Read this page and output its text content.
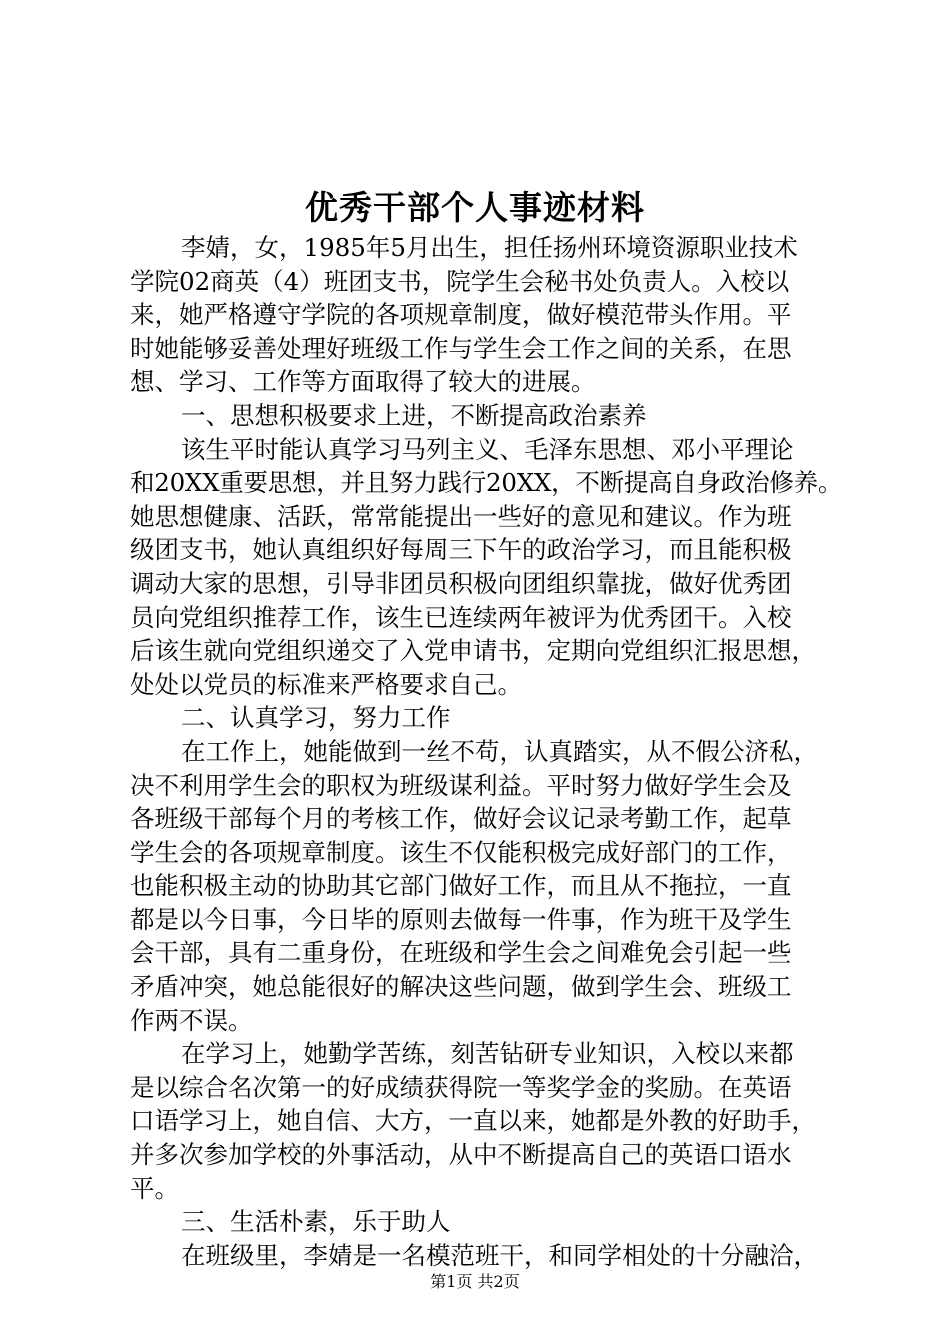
优秀干部个人事迹材料
李婧，女，1985年5月出生，担任扬州环境资源职业技术
学院02商英（4）班团支书，院学生会秘书处负责人。入校以
来，她严格遵守学院的各项规章制度，做好模范带头作用。平
时她能够妥善处理好班级工作与学生会工作之间的关系，在思
想、学习、工作等方面取得了较大的进展。
一、思想积极要求上进，不断提高政治素养
该生平时能认真学习马列主义、毛泽东思想、邓小平理论
和20XX重要思想，并且努力践行20XX，不断提高自身政治修养。
她思想健康、活跃，常常能提出一些好的意见和建议。作为班
级团支书，她认真组织好每周三下午的政治学习，而且能积极
调动大家的思想，引导非团员积极向团组织靠拢，做好优秀团
员向党组织推荐工作，该生已连续两年被评为优秀团干。入校
后该生就向党组织递交了入党申请书，定期向党组织汇报思想，
处处以党员的标准来严格要求自己。
二、认真学习，努力工作
在工作上，她能做到一丝不苟，认真踏实，从不假公济私，
决不利用学生会的职权为班级谋利益。平时努力做好学生会及
各班级干部每个月的考核工作，做好会议记录考勤工作，起草
学生会的各项规章制度。该生不仅能积极完成好部门的工作，
也能积极主动的协助其它部门做好工作，而且从不拖拉，一直
都是以今日事，今日毕的原则去做每一件事，作为班干及学生
会干部，具有二重身份，在班级和学生会之间难免会引起一些
矛盾冲突，她总能很好的解决这些问题，做到学生会、班级工
作两不误。
在学习上，她勤学苦练，刻苦钻研专业知识，入校以来都
是以综合名次第一的好成绩获得院一等奖学金的奖励。在英语
口语学习上，她自信、大方，一直以来，她都是外教的好助手，
并多次参加学校的外事活动，从中不断提高自己的英语口语水
平。
三、生活朴素，乐于助人
在班级里，李婧是一名模范班干，和同学相处的十分融洽，
第1页 共2页
